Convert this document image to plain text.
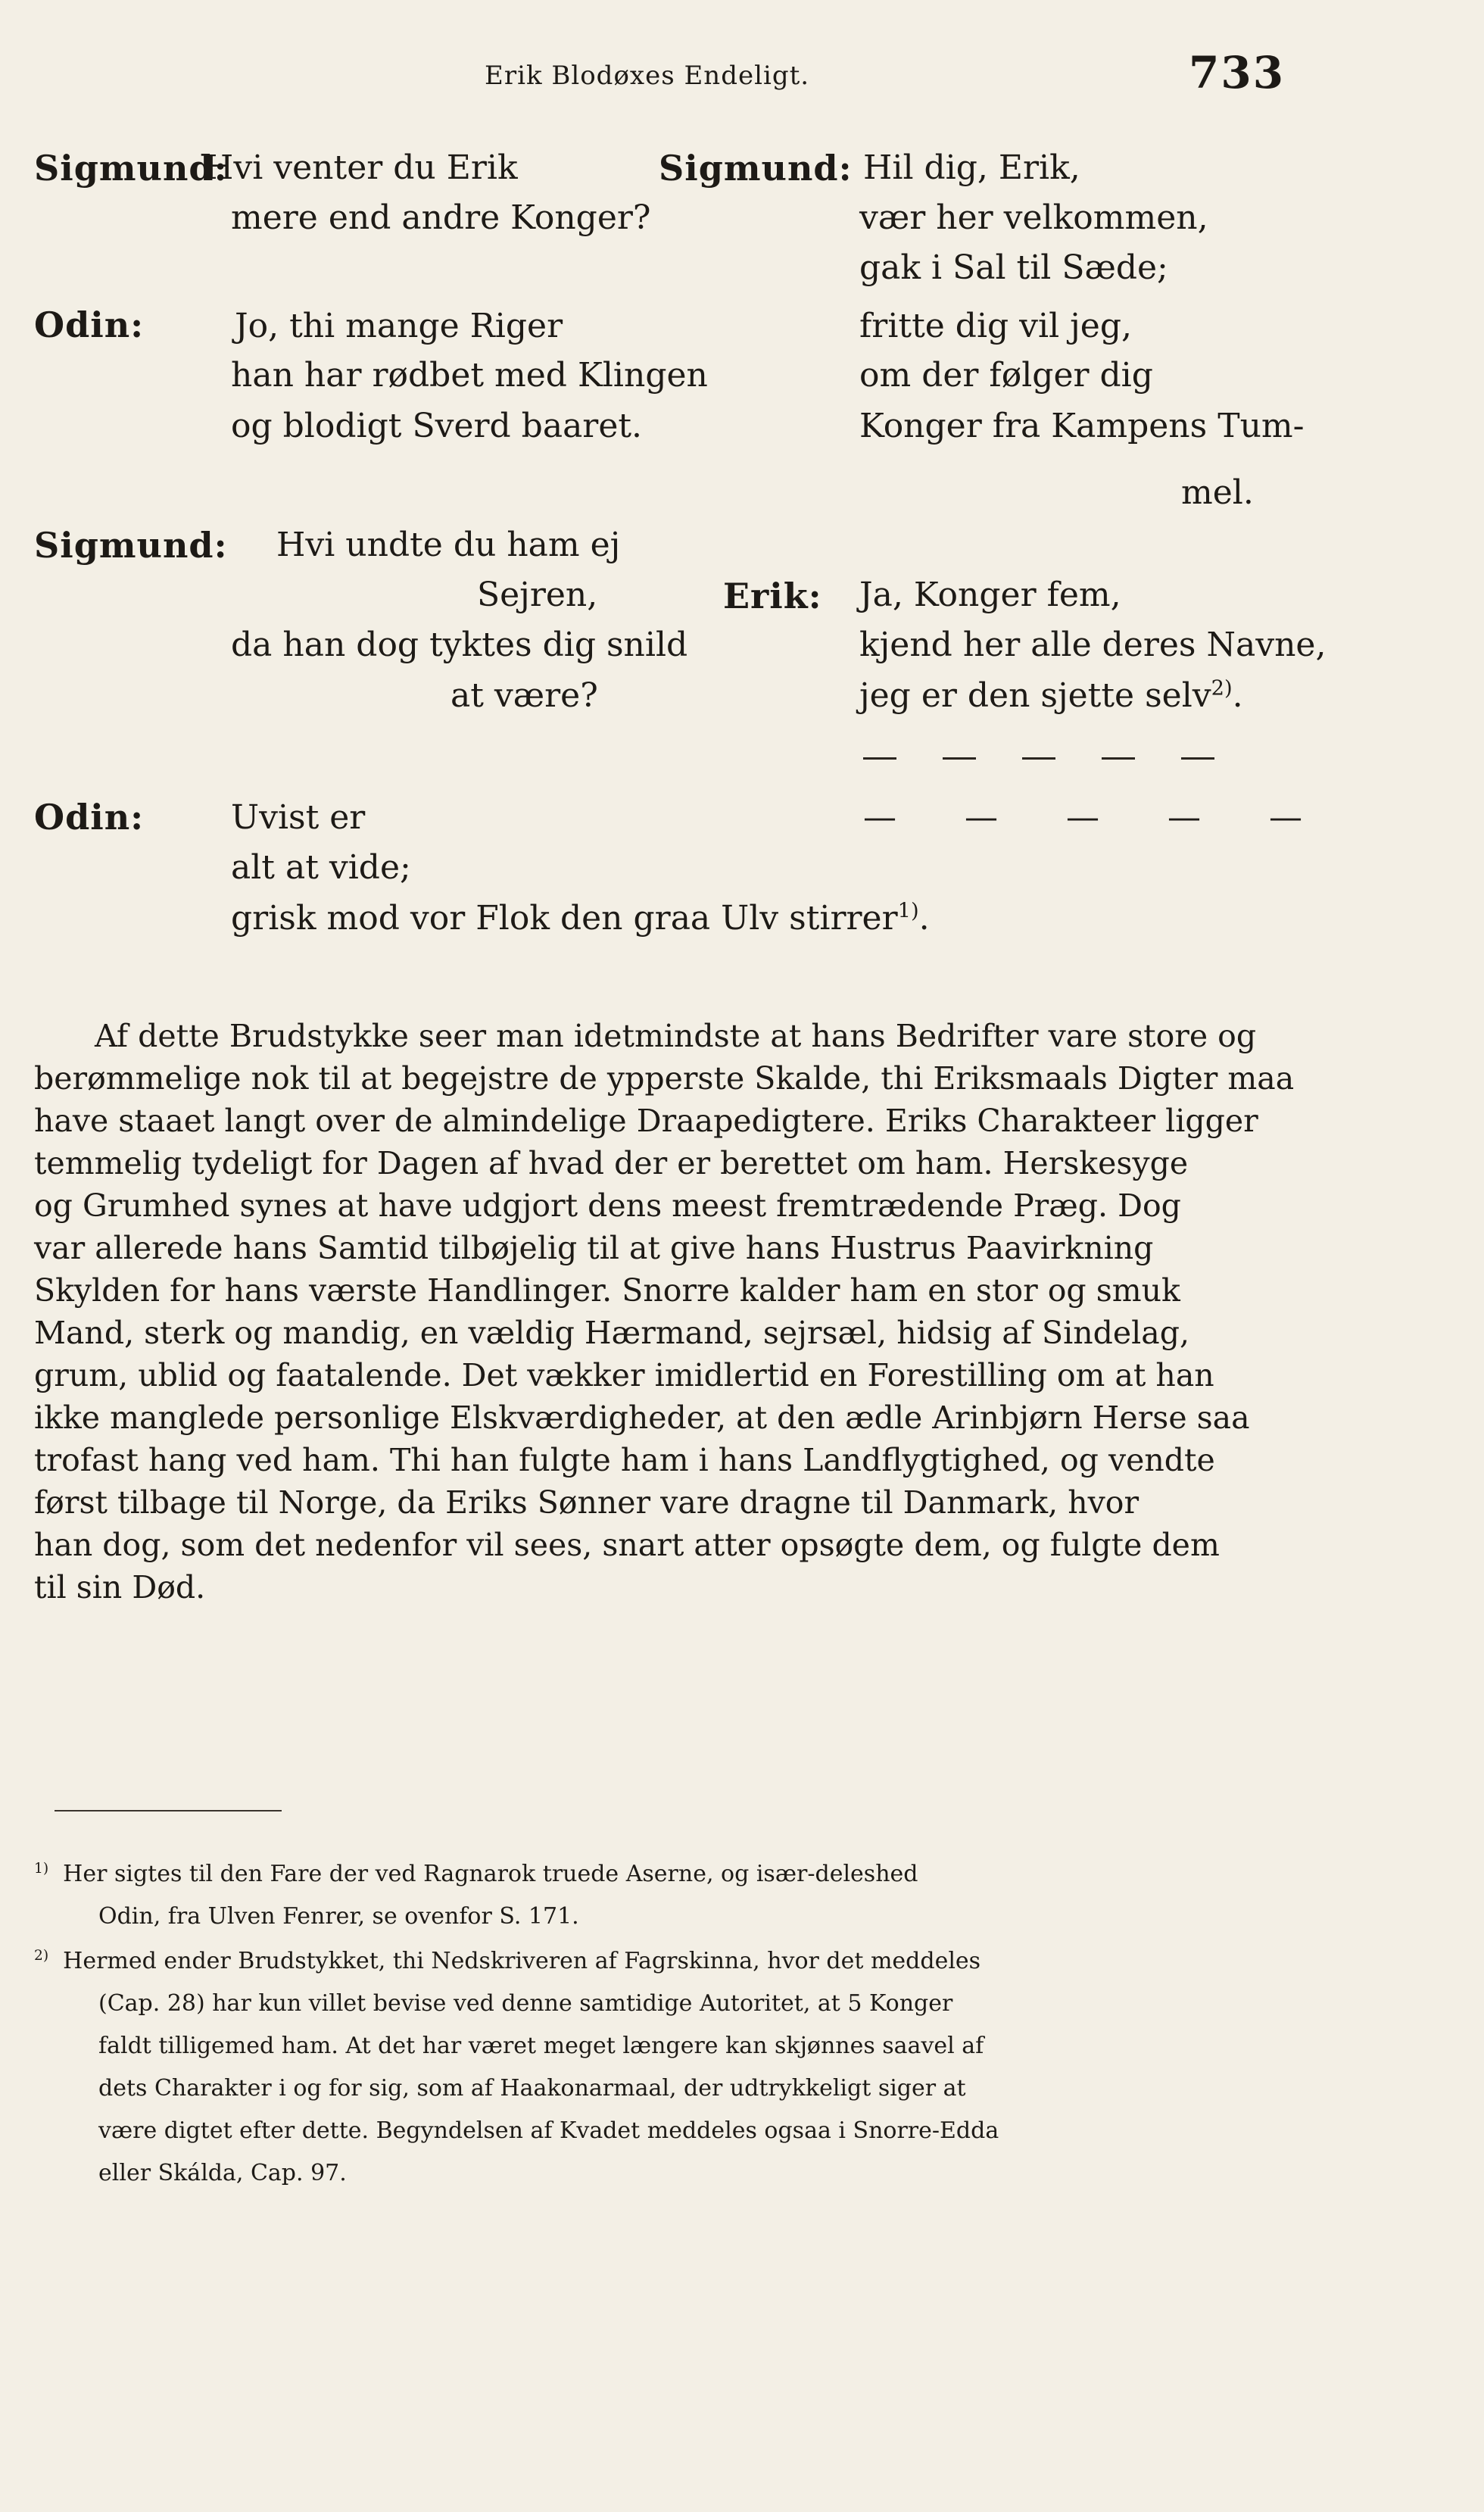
Erik Blodøxes Endeligt.	733
Sigmund:
Hvi venter du Erik
mere end andre Konger?
Odin:	Jo, thi mange Riger
han har rødbet med Klingen
og blodigt Sverd baaret.
Sigmund: Hvi undte du ham ej
Sejren,
da han dog tyktes dig snild
at være?
Odin:	Uvist er
alt at vide;
grisk mod vor Flok den graa Ulv stirrer$^{1)}$.
Sigmund: Hil dig, Erik,
vær her velkommen,
gak i Sal til Sæde;
fritte dig vil jeg,
om der følger dig
Konger fra Kampens Tum-
mel.
Erik: Ja, Konger fem,
kjend her alle deres Navne,
jeg er den sjette selv$^{2)}$.
— — — — —
Af dette Brudstykke seer man idetmindste at hans Bedrifter vare store og
berømmelige nok til at begejstre de ypperste Skalde, thi Eriksmaals Digter maa
have staaet langt over de almindelige Draapedigtere. Eriks Charakteer ligger
temmelig tydeligt for Dagen af hvad der er berettet om ham. Herskesyge
og Grumhed synes at have udgjort dens meest fremtrædende Præg. Dog
var allerede hans Samtid tilbøjelig til at give hans Hustrus Paavirkning
Skylden for hans værste Handlinger. Snorre kalder ham en stor og smuk
Mand, sterk og mandig, en vældig Hærmand, sejrsæl, hidsig af Sindelag,
grum, ublid og faatalende. Det vækker imidlertid en Forestilling om at han
ikke manglede personlige Elskværdigheder, at den ædle Arinbjørn Herse saa
trofast hang ved ham. Thi han fulgte ham i hans Landflygtighed, og vendte
først tilbage til Norge, da Eriks Sønner vare dragne til Danmark, hvor
han dog, som det nedenfor vil sees, snart atter opsøgte dem, og fulgte dem
til sin Død.
$^{1)}$ Her sigtes til den Fare der ved Ragnarok truede Aserne, og især-deleshed
Odin, fra Ulven Fenrer, se ovenfor S. 171.
$^{2)}$ Hermed ender Brudstykket, thi Nedskriveren af Fagrskinna, hvor det meddeles
(Cap. 28) har kun villet bevise ved denne samtidige Autoritet, at 5 Konger
faldt tilligemed ham. At det har været meget længere kan skjønnes saavel af
dets Charakter i og for sig, som af Haakonarmaal, der udtrykkeligt siger at
være digtet efter dette. Begyndelsen af Kvadet meddeles ogsaa i Snorre-Edda
eller Skálda, Cap. 97.
